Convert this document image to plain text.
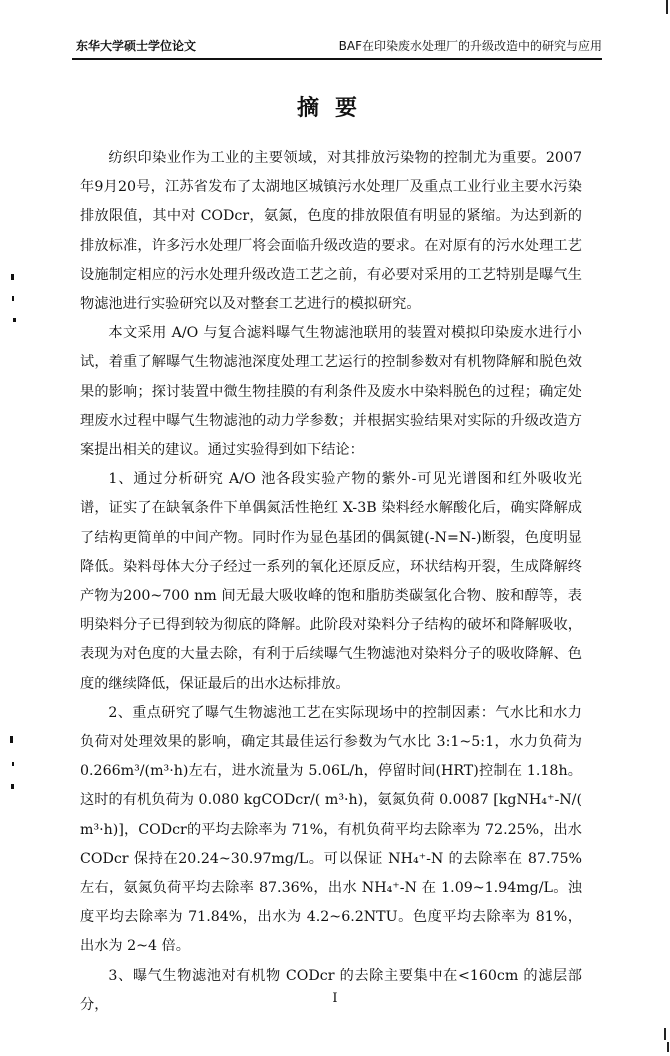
东华大学硕士学位论文	BAF在印染废水处理厂的升级改造中的研究与应用
摘要

纺织印染业作为工业的主要领域，对其排放污染物的控制尤为重要。2007年9月20号，江苏省发布了太湖地区城镇污水处理厂及重点工业行业主要水污染排放限值，其中对 CODcr，氨氮，色度的排放限值有明显的紧缩。为达到新的排放标准，许多污水处理厂将会面临升级改造的要求。在对原有的污水处理工艺设施制定相应的污水处理升级改造工艺之前，有必要对采用的工艺特别是曝气生物滤池进行实验研究以及对整套工艺进行的模拟研究。

本文采用 A/O 与复合滤料曝气生物滤池联用的装置对模拟印染废水进行小试，着重了解曝气生物滤池深度处理工艺运行的控制参数对有机物降解和脱色效果的影响；探讨装置中微生物挂膜的有利条件及废水中染料脱色的过程；确定处理废水过程中曝气生物滤池的动力学参数；并根据实验结果对实际的升级改造方案提出相关的建议。通过实验得到如下结论：

1、通过分析研究 A/O 池各段实验产物的紫外-可见光谱图和红外吸收光谱，证实了在缺氧条件下单偶氮活性艳红 X-3B 染料经水解酸化后，确实降解成了结构更简单的中间产物。同时作为显色基团的偶氮键(-N=N-)断裂，色度明显降低。染料母体大分子经过一系列的氧化还原反应，环状结构开裂，生成降解终产物为200~700 nm 间无最大吸收峰的饱和脂肪类碳氢化合物、胺和醇等，表明染料分子已得到较为彻底的降解。此阶段对染料分子结构的破坏和降解吸收，表现为对色度的大量去除，有利于后续曝气生物滤池对染料分子的吸收降解、色度的继续降低，保证最后的出水达标排放。

2、重点研究了曝气生物滤池工艺在实际现场中的控制因素：气水比和水力负荷对处理效果的影响，确定其最佳运行参数为气水比 3:1~5:1，水力负荷为0.266m³/(m³·h)左右，进水流量为 5.06L/h，停留时间(HRT)控制在 1.18h。这时的有机负荷为 0.080 kgCODcr/( m³·h)，氨氮负荷 0.0087 [kgNH₄⁺-N/( m³·h)]，CODcr的平均去除率为 71%，有机负荷平均去除率为 72.25%，出水 CODcr 保持在20.24~30.97mg/L。可以保证 NH₄⁺-N 的去除率在 87.75%左右，氨氮负荷平均去除率 87.36%，出水 NH₄⁺-N 在 1.09~1.94mg/L。浊度平均去除率为 71.84%，出水为 4.2~6.2NTU。色度平均去除率为 81%，出水为 2~4 倍。

3、曝气生物滤池对有机物 CODcr 的去除主要集中在<160cm 的滤层部分，	I
